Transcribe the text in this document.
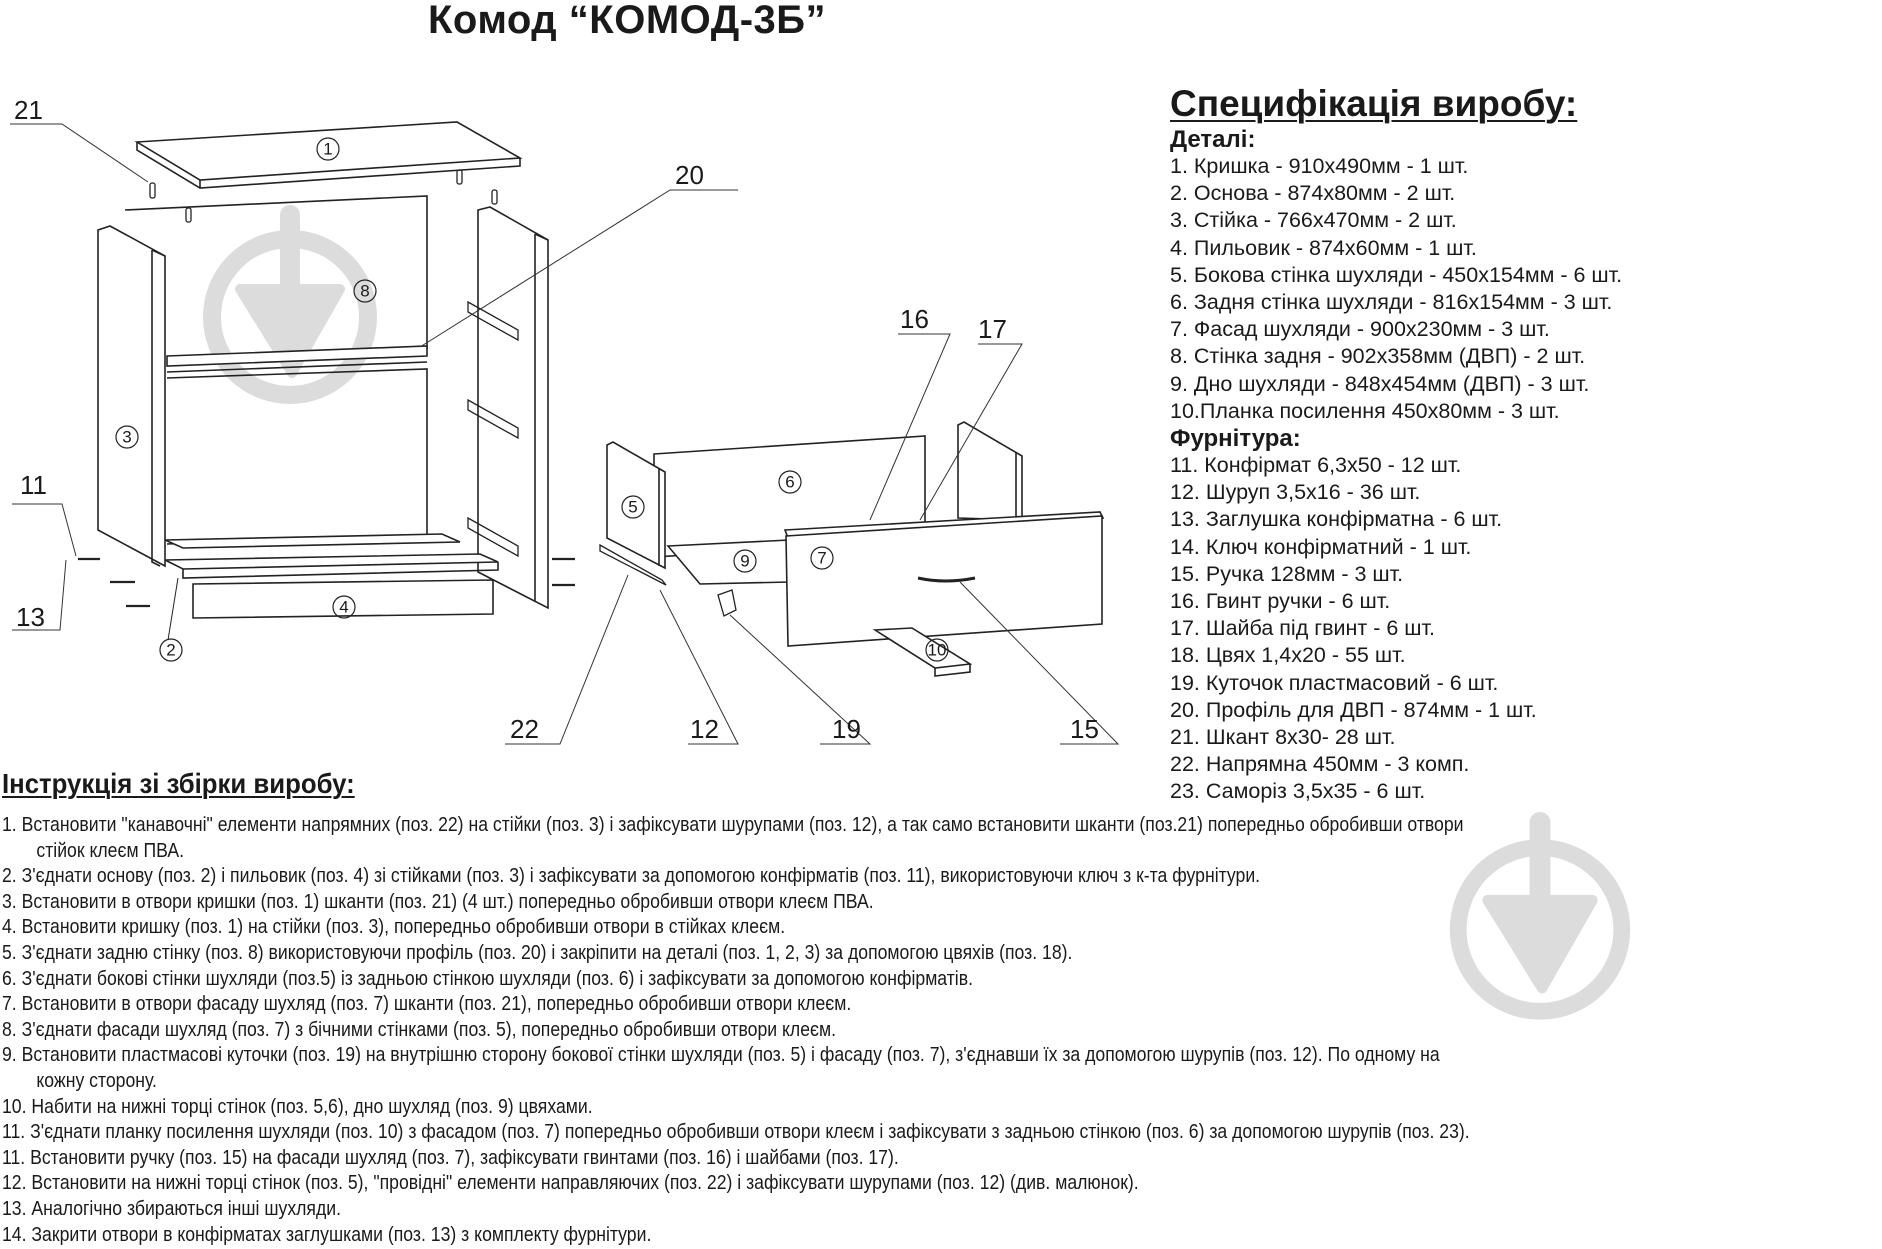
Комод “КОМОД-3Б”
1
8
3
2
4
6
9
5
7
10
21
20
16 17
11
13
22	12	19	15
Специфікація виробу:
Деталі:
1. Кришка - 910х490мм - 1 шт.
2. Основа - 874х80мм - 2 шт.
3. Стійка - 766х470мм - 2 шт.
4. Пильовик - 874х60мм - 1 шт.
5. Бокова стінка шухляди - 450х154мм - 6 шт.
6. Задня стінка шухляди - 816х154мм - 3 шт.
7. Фасад шухляди - 900х230мм - 3 шт.
8. Стінка задня - 902х358мм (ДВП) - 2 шт.
9. Дно шухляди - 848х454мм (ДВП) - 3 шт.
10.Планка посилення 450х80мм - 3 шт.
Фурнітура:
11. Конфірмат 6,3х50 - 12 шт.
12. Шуруп 3,5х16 - 36 шт.
13. Заглушка конфірматна - 6 шт.
14. Ключ конфірматний - 1 шт.
15. Ручка 128мм - 3 шт.
16. Гвинт ручки - 6 шт.
17. Шайба під гвинт - 6 шт.
18. Цвях 1,4х20 - 55 шт.
19. Куточок пластмасовий - 6 шт.
20. Профіль для ДВП - 874мм - 1 шт.
21. Шкант 8х30- 28 шт.
22. Напрямна 450мм - 3 комп.
23. Саморіз 3,5х35 - 6 шт.
Інструкція зі збірки виробу:
1. Встановити "канавочні" елементи напрямних (поз. 22) на стійки (поз. 3) і зафіксувати шурупами (поз. 12), а так само встановити шканти (поз.21) попередньо обробивши отвори
стійок клеєм ПВА.
2. З'єднати основу (поз. 2) і пильовик (поз. 4) зі стійками (поз. 3) і зафіксувати за допомогою конфірматів (поз. 11), використовуючи ключ з к-та фурнітури.
3. Встановити в отвори кришки (поз. 1) шканти (поз. 21) (4 шт.) попередньо обробивши отвори клеєм ПВА.
4. Встановити кришку (поз. 1) на стійки (поз. 3), попередньо обробивши отвори в стійках клеєм.
5. З'єднати задню стінку (поз. 8) використовуючи профіль (поз. 20) і закріпити на деталі (поз. 1, 2, 3) за допомогою цвяхів (поз. 18).
6. З'єднати бокові стінки шухляди (поз.5) із задньою стінкою шухляди (поз. 6) і зафіксувати за допомогою конфірматів.
7. Встановити в отвори фасаду шухляд (поз. 7) шканти (поз. 21), попередньо обробивши отвори клеєм.
8. З'єднати фасади шухляд (поз. 7) з бічними стінками (поз. 5), попередньо обробивши отвори клеєм.
9. Встановити пластмасові куточки (поз. 19) на внутрішню сторону бокової стінки шухляди (поз. 5) і фасаду (поз. 7), з'єднавши їх за допомогою шурупів (поз. 12). По одному на
кожну сторону.
10. Набити на нижні торці стінок (поз. 5,6), дно шухляд (поз. 9) цвяхами.
11. З'єднати планку посилення шухляди (поз. 10) з фасадом (поз. 7) попередньо обробивши отвори клеєм і зафіксувати з задньою стінкою (поз. 6) за допомогою шурупів (поз. 23).
11. Встановити ручку (поз. 15) на фасади шухляд (поз. 7), зафіксувати гвинтами (поз. 16) і шайбами (поз. 17).
12. Встановити на нижні торці стінок (поз. 5), "провідні" елементи направляючих (поз. 22) і зафіксувати шурупами (поз. 12) (див. малюнок).
13. Аналогічно збираються інші шухляди.
14. Закрити отвори в конфірматах заглушками (поз. 13) з комплекту фурнітури.
